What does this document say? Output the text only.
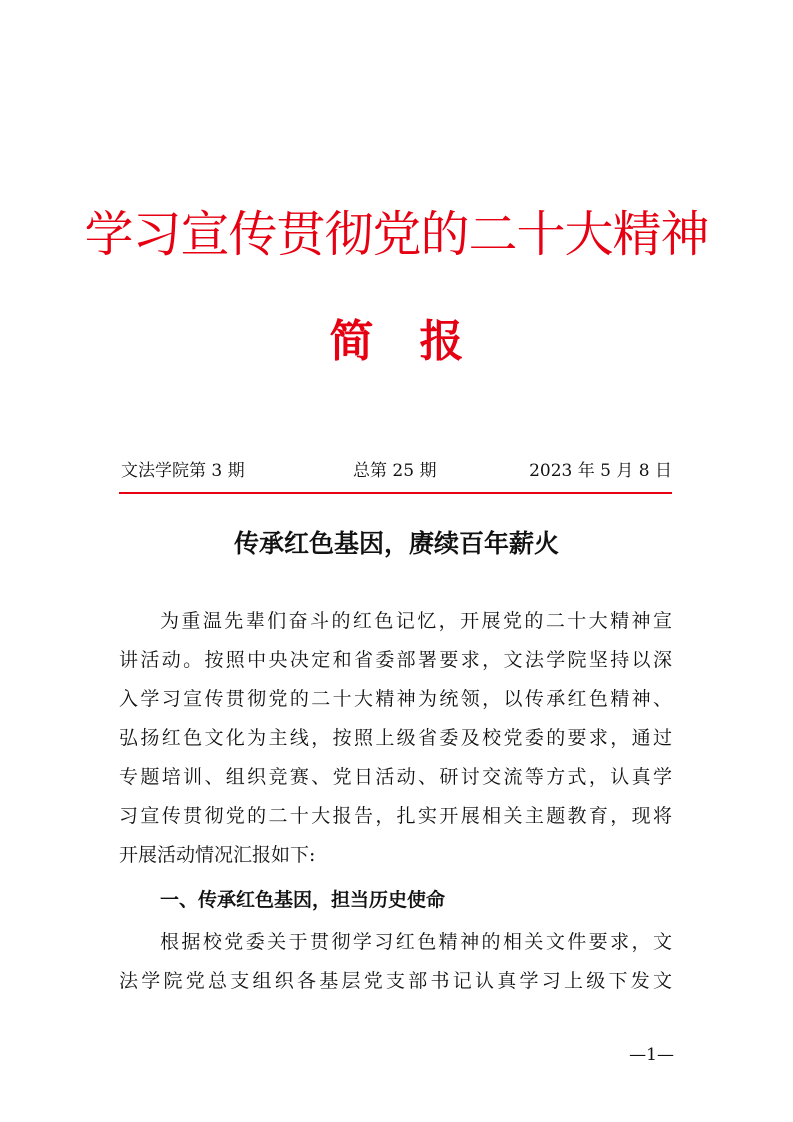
学习宣传贯彻党的二十大精神
简报
文法学院第 3 期	总第 25 期	2023 年 5 月 8 日
传承红色基因，赓续百年薪火
为重温先辈们奋斗的红色记忆，开展党的二十大精神宣
讲活动。按照中央决定和省委部署要求，文法学院坚持以深
入学习宣传贯彻党的二十大精神为统领，以传承红色精神、
弘扬红色文化为主线，按照上级省委及校党委的要求，通过
专题培训、组织竞赛、党日活动、研讨交流等方式，认真学
习宣传贯彻党的二十大报告，扎实开展相关主题教育，现将
开展活动情况汇报如下:
一、传承红色基因，担当历史使命
根据校党委关于贯彻学习红色精神的相关文件要求，文
法学院党总支组织各基层党支部书记认真学习上级下发文
—1—
